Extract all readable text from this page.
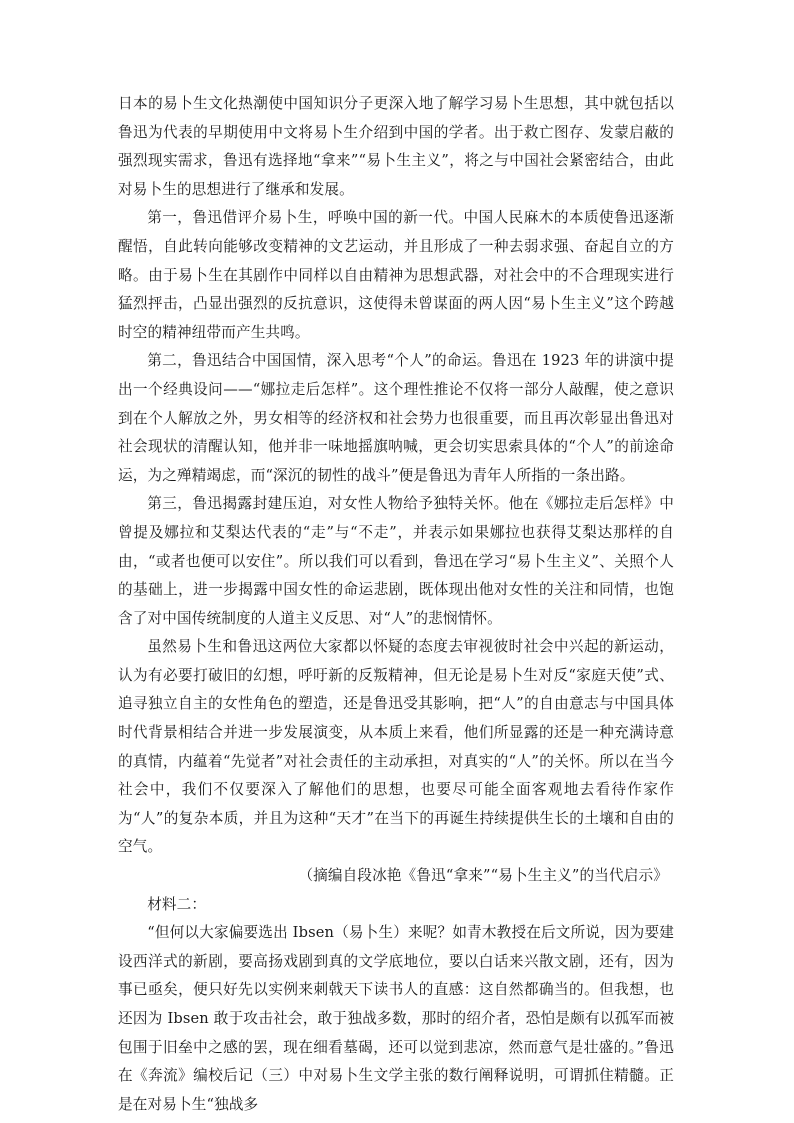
日本的易卜生文化热潮使中国知识分子更深入地了解学习易卜生思想，其中就包括以鲁迅为代表的早期使用中文将易卜生介绍到中国的学者。出于救亡图存、发蒙启蔽的强烈现实需求，鲁迅有选择地“拿来”“易卜生主义”，将之与中国社会紧密结合，由此对易卜生的思想进行了继承和发展。

第一，鲁迅借评介易卜生，呼唤中国的新一代。中国人民麻木的本质使鲁迅逐渐醒悟，自此转向能够改变精神的文艺运动，并且形成了一种去弱求强、奋起自立的方略。由于易卜生在其剧作中同样以自由精神为思想武器，对社会中的不合理现实进行猛烈抨击，凸显出强烈的反抗意识，这使得未曾谋面的两人因“易卜生主义”这个跨越时空的精神纽带而产生共鸣。

第二，鲁迅结合中国国情，深入思考“个人”的命运。鲁迅在 1923 年的讲演中提出一个经典设问——“娜拉走后怎样”。这个理性推论不仅将一部分人敲醒，使之意识到在个人解放之外，男女相等的经济权和社会势力也很重要，而且再次彰显出鲁迅对社会现状的清醒认知，他并非一味地摇旗呐喊，更会切实思索具体的“个人”的前途命运，为之殚精竭虑，而“深沉的韧性的战斗”便是鲁迅为青年人所指的一条出路。

第三，鲁迅揭露封建压迫，对女性人物给予独特关怀。他在《娜拉走后怎样》中曾提及娜拉和艾梨达代表的“走”与“不走”，并表示如果娜拉也获得艾梨达那样的自由，“或者也便可以安住”。所以我们可以看到，鲁迅在学习“易卜生主义”、关照个人的基础上，进一步揭露中国女性的命运悲剧，既体现出他对女性的关注和同情，也饱含了对中国传统制度的人道主义反思、对“人”的悲悯情怀。

虽然易卜生和鲁迅这两位大家都以怀疑的态度去审视彼时社会中兴起的新运动，认为有必要打破旧的幻想，呼吁新的反叛精神，但无论是易卜生对反“家庭天使”式、追寻独立自主的女性角色的塑造，还是鲁迅受其影响，把“人”的自由意志与中国具体时代背景相结合并进一步发展演变，从本质上来看，他们所显露的还是一种充满诗意的真情，内蕴着“先觉者”对社会责任的主动承担，对真实的“人”的关怀。所以在当今社会中，我们不仅要深入了解他们的思想，也要尽可能全面客观地去看待作家作为“人”的复杂本质，并且为这种“天才”在当下的再诞生持续提供生长的土壤和自由的空气。

（摘编自段冰艳《鲁迅“拿来”“易卜生主义”的当代启示》

材料二：

“但何以大家偏要选出 Ibsen（易卜生）来呢？如青木教授在后文所说，因为要建设西洋式的新剧，要高扬戏剧到真的文学底地位，要以白话来兴散文剧，还有，因为事已亟矣，便只好先以实例来刺戟天下读书人的直感：这自然都确当的。但我想，也还因为 Ibsen 敢于攻击社会，敢于独战多数，那时的绍介者，恐怕是颇有以孤军而被包围于旧垒中之感的罢，现在细看墓碣，还可以觉到悲凉，然而意气是壮盛的。”鲁迅在《奔流》编校后记（三）中对易卜生文学主张的数行阐释说明，可谓抓住精髓。正是在对易卜生“独战多
